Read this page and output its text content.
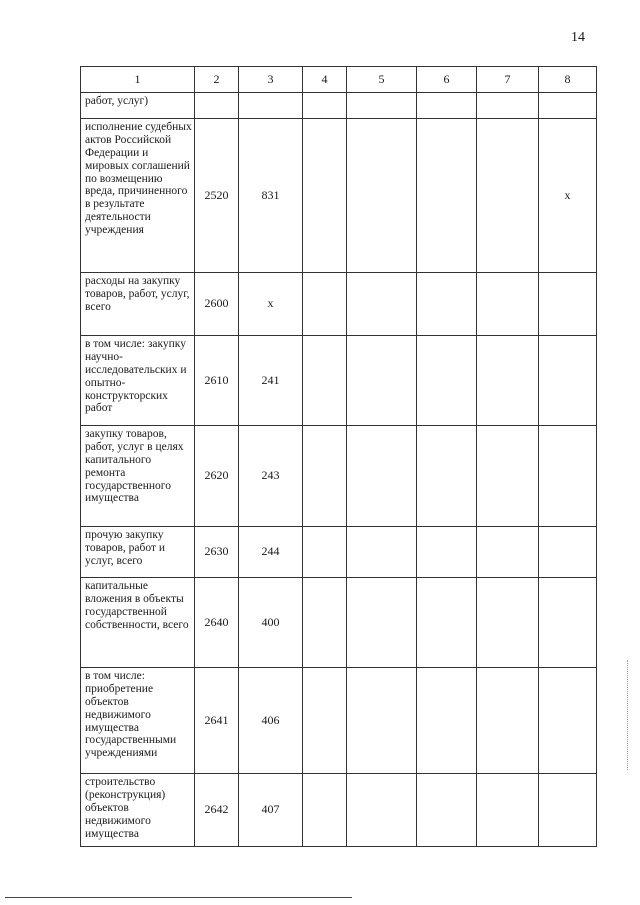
14
1	2	3	4	5	6	7	8

работ, услуг)							

исполнение судебных актов Российской Федерации и мировых соглашений по возмещению вреда, причиненного в результате деятельности учреждения	2520	831					x

расходы на закупку товаров, работ, услуг, всего	2600	x					

в том числе: закупку научно-исследовательских и опытно-конструкторских работ	2610	241					

закупку товаров, работ, услуг в целях капитального ремонта государственного имущества	2620	243					

прочую закупку товаров, работ и услуг, всего	2630	244					

капитальные вложения в объекты государственной собственности, всего	2640	400					

в том числе: приобретение объектов недвижимого имущества государственными учреждениями	2641	406					

строительство (реконструкция) объектов недвижимого имущества	2642	407					
